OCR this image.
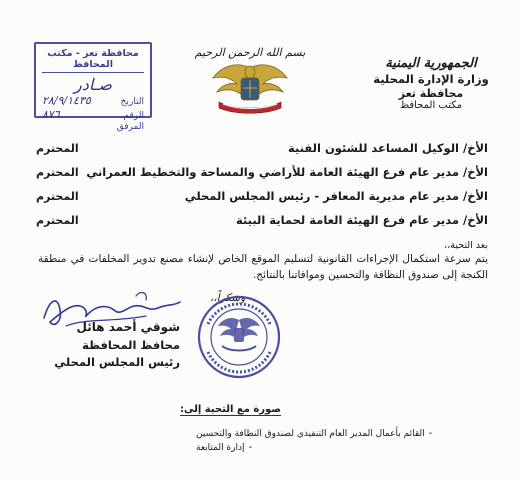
الجمهورية اليمنية
وزارة الإدارة المحلية
محافظة تعز
مكتب المحافظ
بسم الله الرحمن الرحيم
محافظة تعز - مكتب المحافظ
صـادر
التاريخ
٢٨/٩/١٤٣٥
الرقم
٨٧٦
المرفق
المحترم	الأخ/ الوكيل المساعد للشئون الفنية
المحترم الأخ/ مدير عام فرع الهيئة العامة للأراضي والمساحة والتخطيط العمراني
المحترم	الأخ/ مدير عام مديرية المعافر - رئيس المجلس المحلي
المحترم	الأخ/ مدير عام فرع الهيئة العامة لحماية البيئة
بعد التحية،،
يتم سرعة استكمال الإجراءات القانونية لتسليم الموقع الخاص لإنشاء مصنع تدوير المخلفات في منطقة الكنجة إلى صندوق النظافة والتحسين وموافاتنا بالنتائج.
وشكراً،،
شوقي أحمد هائل
محافظ المحافظة
رئيس المجلس المحلي
صورة مع التحية إلى:
-
القائم بأعمال المدير العام التنفيذي لصندوق النظافة والتحسين
-
إدارة المتابعة
